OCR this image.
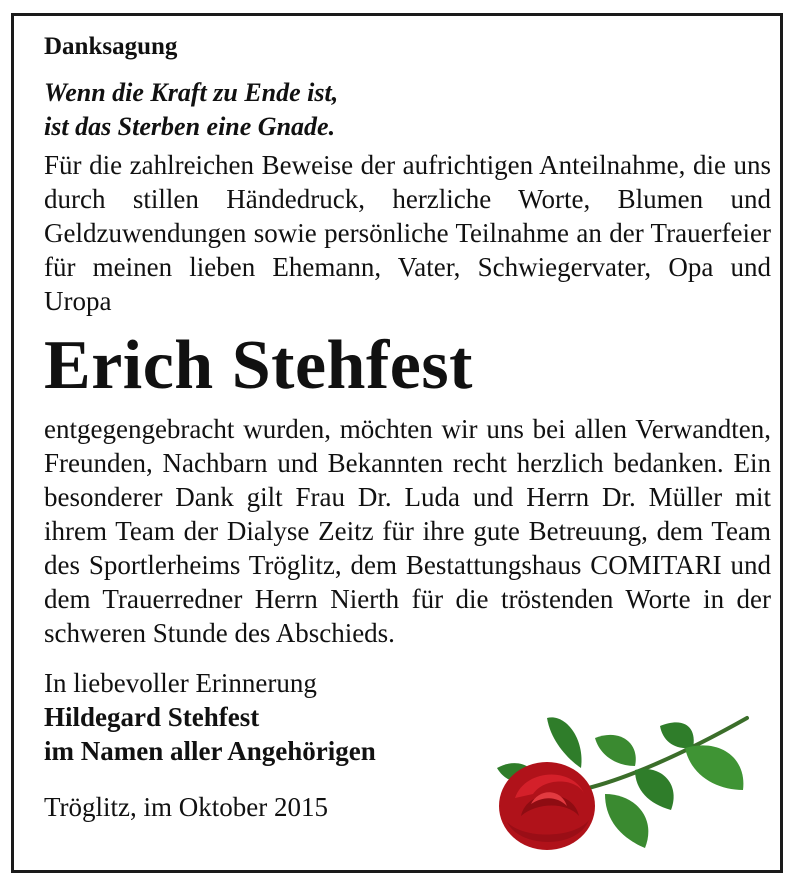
Danksagung

Wenn die Kraft zu Ende ist,

ist das Sterben eine Gnade.

Für die zahlreichen Beweise der aufrichtigen Anteilnahme, die uns durch stillen Händedruck, herzliche Worte, Blumen und Geldzuwendungen sowie persönliche Teilnahme an der Trauerfeier für meinen lieben Ehemann, Vater, Schwiegervater, Opa und Uropa

Erich Stehfest

entgegengebracht wurden, möchten wir uns bei allen Verwandten, Freunden, Nachbarn und Bekannten recht herzlich bedanken. Ein besonderer Dank gilt Frau Dr. Luda und Herrn Dr. Müller mit ihrem Team der Dialyse Zeitz für ihre gute Betreuung, dem Team des Sportlerheims Tröglitz, dem Bestattungshaus COMITARI und dem Trauerredner Herrn Nierth für die tröstenden Worte in der schweren Stunde des Abschieds.

In liebevoller Erinnerung
Hildegard Stehfest
im Namen aller Angehörigen
Tröglitz, im Oktober 2015
